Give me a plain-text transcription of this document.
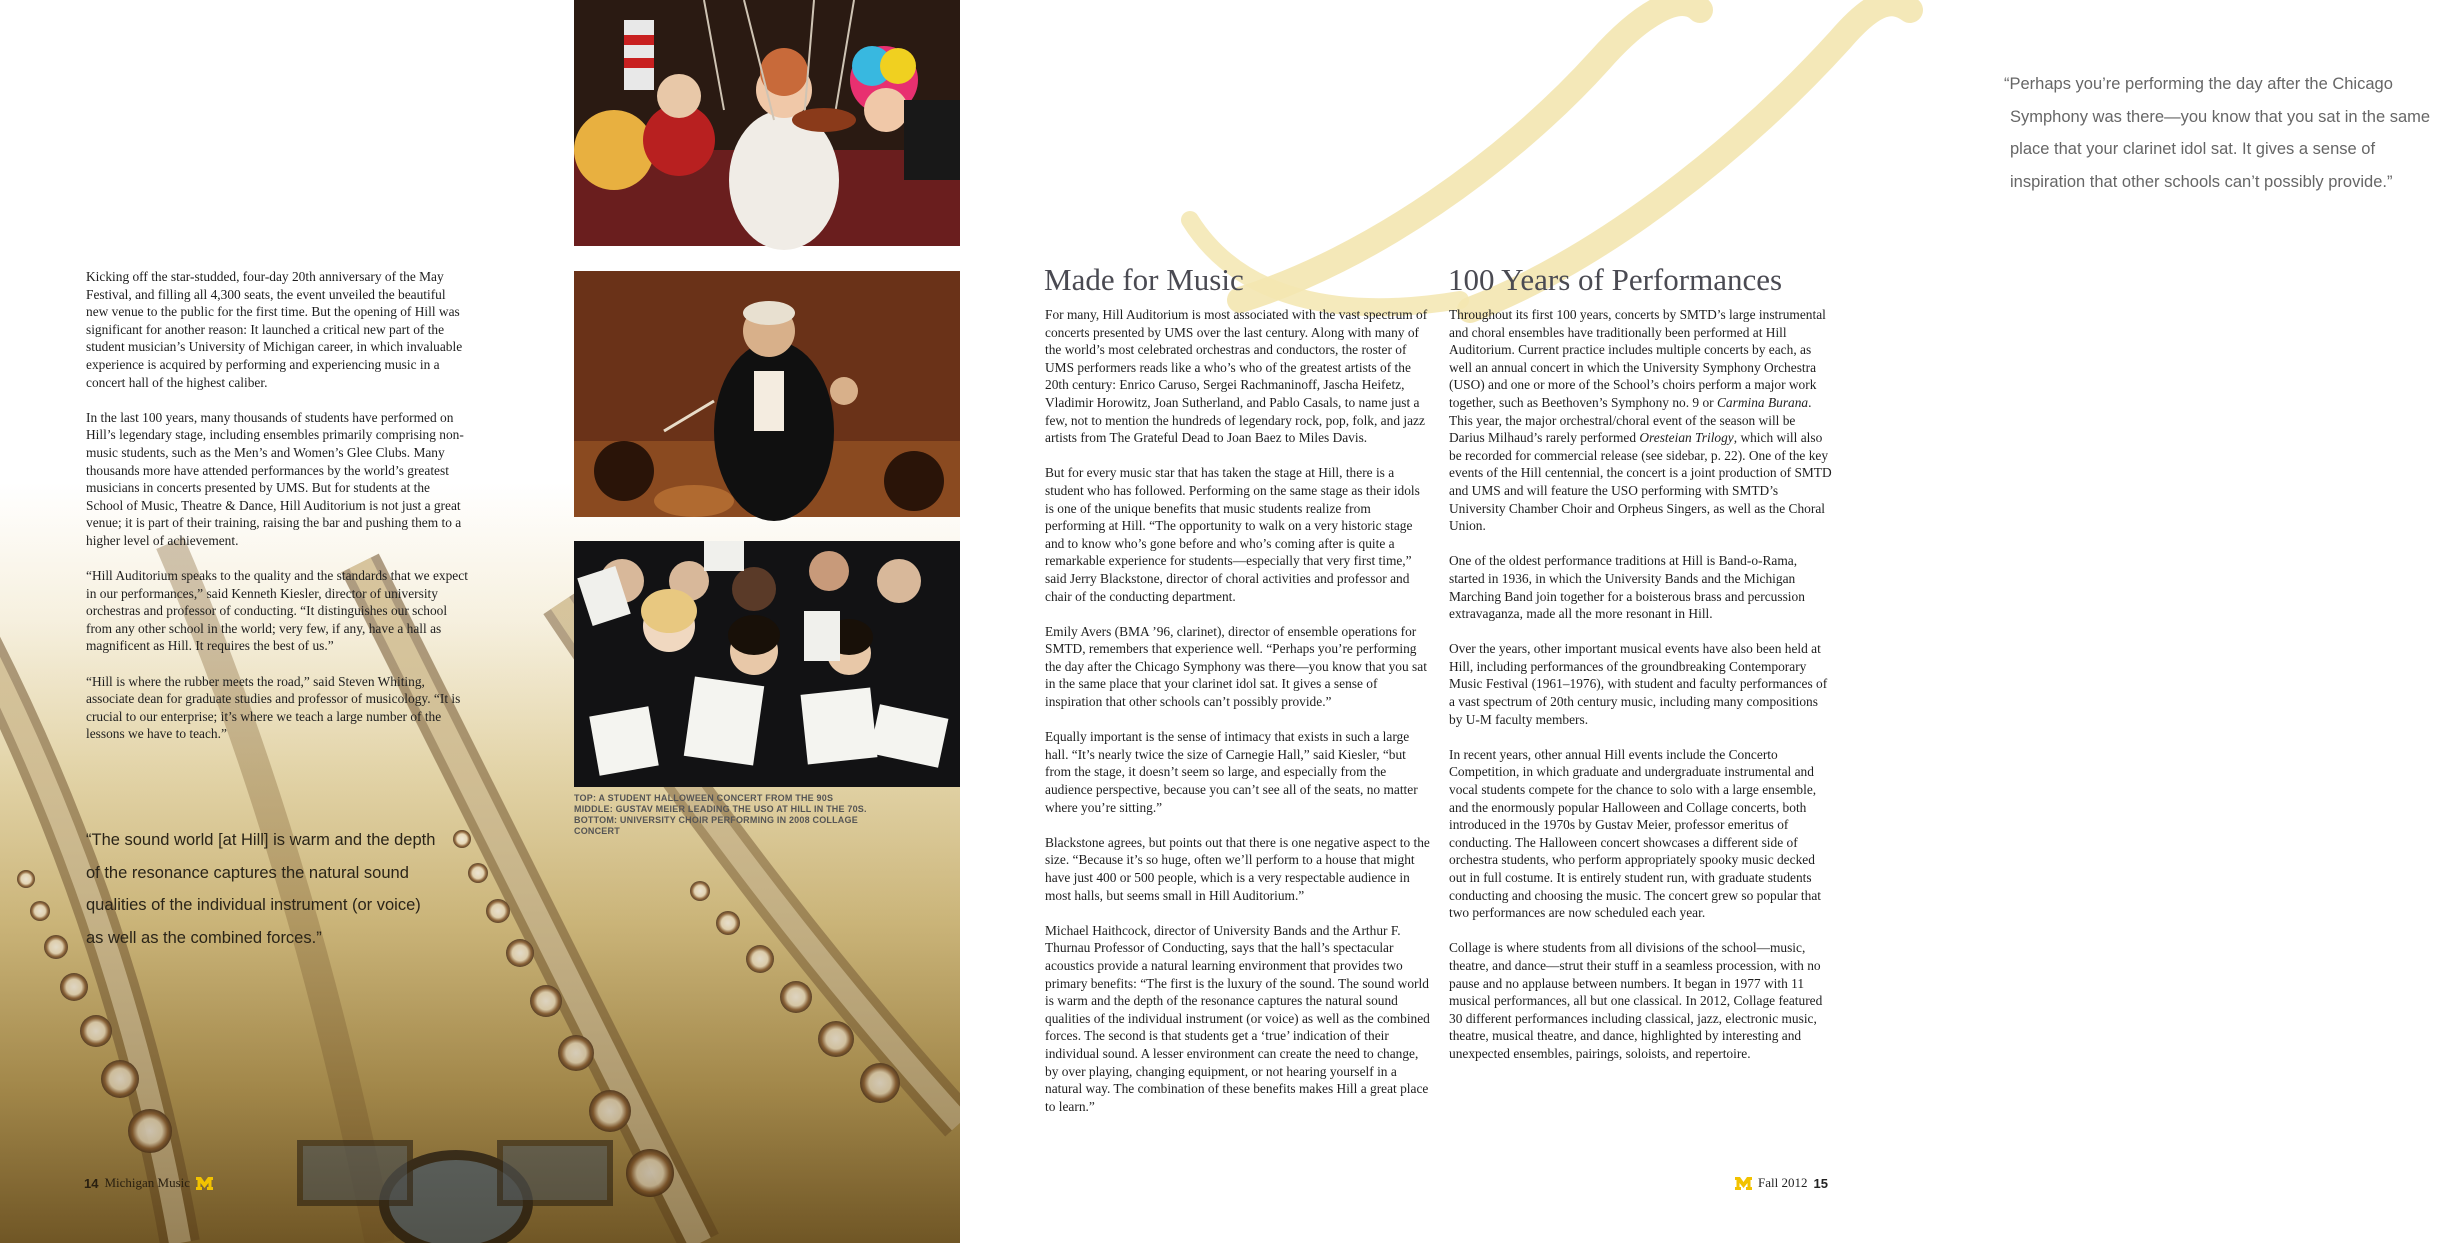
Kicking off the star-studded, four-day 20th anniversary of the May Festival, and filling all 4,300 seats, the event unveiled the beautiful new venue to the public for the first time. But the opening of Hill was significant for another reason: It launched a critical new part of the student musician’s University of Michigan career, in which invaluable experience is acquired by performing and experiencing music in a concert hall of the highest caliber.

In the last 100 years, many thousands of students have performed on Hill’s legendary stage, including ensembles primarily comprising non-music students, such as the Men’s and Women’s Glee Clubs. Many thousands more have attended performances by the world’s greatest musicians in concerts presented by UMS. But for students at the School of Music, Theatre & Dance, Hill Auditorium is not just a great venue; it is part of their training, raising the bar and pushing them to a higher level of achievement.

“Hill Auditorium speaks to the quality and the standards that we expect in our performances,” said Kenneth Kiesler, director of university orchestras and professor of conducting. “It distinguishes our school from any other school in the world; very few, if any, have a hall as magnificent as Hill. It requires the best of us.”

“Hill is where the rubber meets the road,” said Steven Whiting, associate dean for graduate studies and professor of musicology. “It is crucial to our enterprise; it’s where we teach a large number of the lessons we have to teach.”

“The sound world [at Hill] is warm and the depth
of the resonance captures the natural sound
qualities of the individual instrument (or voice)
as well as the combined forces.”
TOP: A STUDENT HALLOWEEN CONCERT FROM THE 90S
MIDDLE: GUSTAV MEIER LEADING THE USO AT HILL IN THE 70S.
BOTTOM: UNIVERSITY CHOIR PERFORMING IN 2008 COLLAGE
CONCERT
14 Michigan Music
“Perhaps you’re performing the day after the Chicago
Symphony was there—you know that you sat in the same
place that your clarinet idol sat. It gives a sense of
inspiration that other schools can’t possibly provide.”
Made for Music	100 Years of Performances

For many, Hill Auditorium is most associated with the vast spectrum of concerts presented by UMS over the last century. Along with many of the world’s most celebrated orchestras and conductors, the roster of UMS performers reads like a who’s who of the greatest artists of the 20th century: Enrico Caruso, Sergei Rachmaninoff, Jascha Heifetz, Vladimir Horowitz, Joan Sutherland, and Pablo Casals, to name just a few, not to mention the hundreds of legendary rock, pop, folk, and jazz artists from The Grateful Dead to Joan Baez to Miles Davis.

But for every music star that has taken the stage at Hill, there is a student who has followed. Performing on the same stage as their idols is one of the unique benefits that music students realize from performing at Hill. “The opportunity to walk on a very historic stage and to know who’s gone before and who’s coming after is quite a remarkable experience for students—especially that very first time,” said Jerry Blackstone, director of choral activities and professor and chair of the conducting department.

Emily Avers (BMA ’96, clarinet), director of ensemble operations for SMTD, remembers that experience well. “Perhaps you’re performing the day after the Chicago Symphony was there—you know that you sat in the same place that your clarinet idol sat. It gives a sense of inspiration that other schools can’t possibly provide.”

Equally important is the sense of intimacy that exists in such a large hall. “It’s nearly twice the size of Carnegie Hall,” said Kiesler, “but from the stage, it doesn’t seem so large, and especially from the audience perspective, because you can’t see all of the seats, no matter where you’re sitting.”

Blackstone agrees, but points out that there is one negative aspect to the size. “Because it’s so huge, often we’ll perform to a house that might have just 400 or 500 people, which is a very respectable audience in most halls, but seems small in Hill Auditorium.”

Michael Haithcock, director of University Bands and the Arthur F. Thurnau Professor of Conducting, says that the hall’s spectacular acoustics provide a natural learning environment that provides two primary benefits: “The first is the luxury of the sound. The sound world is warm and the depth of the resonance captures the natural sound qualities of the individual instrument (or voice) as well as the combined forces. The second is that students get a ‘true’ indication of their individual sound. A lesser environment can create the need to change, by over playing, changing equipment, or not hearing yourself in a natural way. The combination of these benefits makes Hill a great place to learn.”

Throughout its first 100 years, concerts by SMTD’s large instrumental and choral ensembles have traditionally been performed at Hill Auditorium. Current practice includes multiple concerts by each, as well an annual concert in which the University Symphony Orchestra (USO) and one or more of the School’s choirs perform a major work together, such as Beethoven’s Symphony no. 9 or Carmina Burana. This year, the major orchestral/choral event of the season will be Darius Milhaud’s rarely performed Oresteian Trilogy, which will also be recorded for commercial release (see sidebar, p. 22). One of the key events of the Hill centennial, the concert is a joint production of SMTD and UMS and will feature the USO performing with SMTD’s University Chamber Choir and Orpheus Singers, as well as the Choral Union.

One of the oldest performance traditions at Hill is Band-o-Rama, started in 1936, in which the University Bands and the Michigan Marching Band join together for a boisterous brass and percussion extravaganza, made all the more resonant in Hill.

Over the years, other important musical events have also been held at Hill, including performances of the groundbreaking Contemporary Music Festival (1961–1976), with student and faculty performances of a vast spectrum of 20th century music, including many compositions by U-M faculty members.

In recent years, other annual Hill events include the Concerto Competition, in which graduate and undergraduate instrumental and vocal students compete for the chance to solo with a large ensemble, and the enormously popular Halloween and Collage concerts, both introduced in the 1970s by Gustav Meier, professor emeritus of conducting. The Halloween concert showcases a different side of orchestra students, who perform appropriately spooky music decked out in full costume. It is entirely student run, with graduate students conducting and choosing the music. The concert grew so popular that two performances are now scheduled each year.

Collage is where students from all divisions of the school—music, theatre, and dance—strut their stuff in a seamless procession, with no pause and no applause between numbers. It began in 1977 with 11 musical performances, all but one classical. In 2012, Collage featured 30 different performances including classical, jazz, electronic music, theatre, musical theatre, and dance, highlighted by interesting and unexpected ensembles, pairings, soloists, and repertoire.

Fall 2012 15
